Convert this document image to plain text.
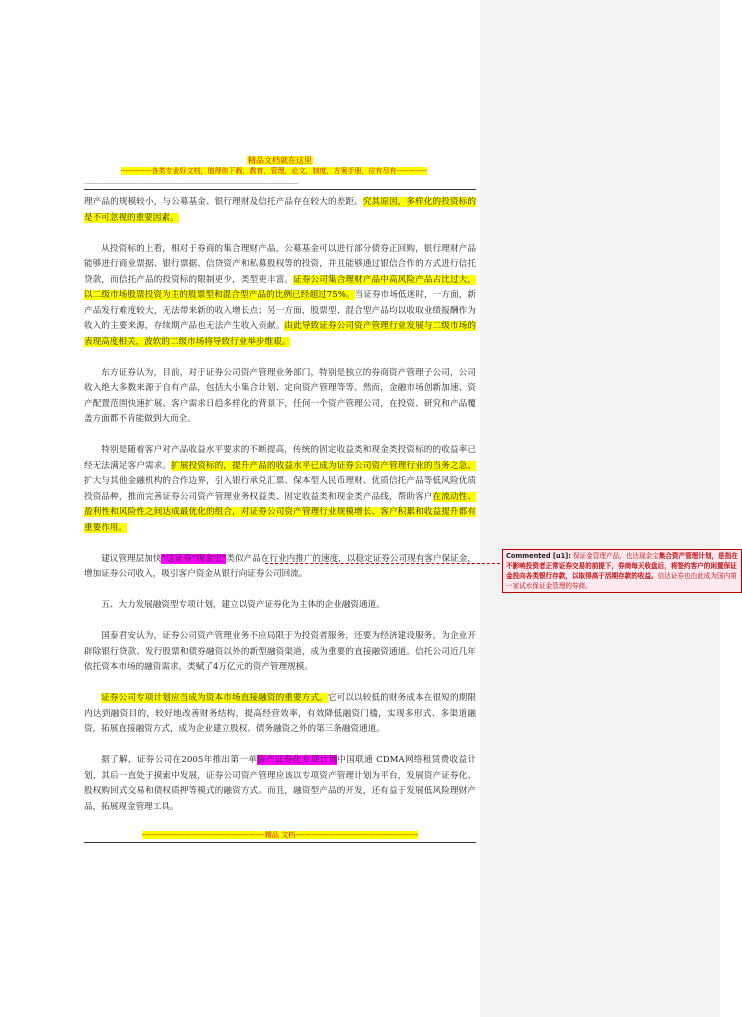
精品文档就在这里
-------------各类专业好文档，值得你下载，教育，管理，论文，制度，方案手册，应有尽有-------------
--------------------------------------------------------------------------------------------------------------------------------------------

理产品的规模较小，与公募基金、银行理财及信托产品存在较大的差距。究其原因，多样化的投资标的是不可忽视的重要因素。

从投资标的上看，相对于券商的集合理财产品，公募基金可以进行部分债券正回购，银行理财产品能够进行商业票据、银行票据、信贷资产和私募股权等的投资，并且能够通过银信合作的方式进行信托贷款，而信托产品的投资标的限制更少，类型更丰富。证券公司集合理财产品中高风险产品占比过大，以二级市场股票投资为主的股票型和混合型产品的比例已经超过75%。当证券市场低迷时，一方面，新产品发行难度较大，无法带来新的收入增长点；另一方面，股票型、混合型产品均以收取业绩报酬作为收入的主要来源，存续期产品也无法产生收入贡献。由此导致证券公司资产管理行业发展与二级市场的表现高度相关，波软的二级市场将导致行业举步维艰。

东方证券认为，目前，对于证券公司资产管理业务部门，特别是独立的券商资产管理子公司，公司收入绝大多数来源于自有产品，包括大小集合计划、定向资产管理等等。然而，金融市场创新加速、资产配置范围快速扩展、客户需求日趋多样化的背景下，任何一个资产管理公司，在投资、研究和产品覆盖方面都不肯能做到大而全。

特别是随着客户对产品收益水平要求的不断提高，传统的固定收益类和现金类投资标的的收益率已经无法满足客户需求。扩展投资标的，提升产品的收益水平已成为证券公司资产管理行业的当务之急。扩大与其他金融机构的合作边界，引入银行承兑汇票、保本型人民币理财、优质信托产品等低风险优质投资品种，推而完善证券公司资产管理业务权益类、固定收益类和现金类产品线，帮助客户在流动性、盈利性和风险性之间达成最优化的组合，对证券公司资产管理行业规模增长、客户积累和收益提升都有重要作用。

建议管理层加快“这证券”现金宝”类似产品在行业内推广的速度，以稳定证券公司现有客户保证金，增加证券公司收入，吸引客户资金从银行向证券公司回流。

五、大力发展融资型专项计划，建立以资产证券化为主体的企业融资通道。

国泰君安认为，证券公司资产管理业务不应局限于为投资者服务，还要为经济建设服务，为企业开辟除银行贷款、发行股票和债券融资以外的新型融资渠道，成为重要的直接融资通道。信托公司近几年依托资本市场的融资需求，类赋了4万亿元的资产管理规模。

证券公司专项计划应当成为资本市场直接融资的重要方式。它可以以较低的财务成本在很短的期限内达到融资目的，较好地改善财务结构，提高经营效率，有效降低融资门槛，实现多形式、多渠道融资，拓展直接融资方式，成为企业建立股权、债务融资之外的第三条融资通道。

据了解，证券公司在2005年推出第一单资产证券化专项计划中国联通 CDMA网络租赁费收益计划，其后一直处于摸索中发展，证券公司资产管理应该以专项资产管理计划为平台，发展资产证券化、股权购回式交易和债权质押等模式的融资方式。而且，融资型产品的开发，还有益于发展低风险理财产品，拓展现金管理工具。

----------------------------------------------------精品 文档----------------------------------------------------
Commented [u1]: 保证金管理产品，也达现金宝集合资产管理计划，是指在不影响投资者正常证券交易的前提下，券商每天收盘后，将签约客户的闲置保证金投向各类银行存款，以取得高于活期存款的收益。信达证券也由此成为国内第一家试水保证金管理的券商。
